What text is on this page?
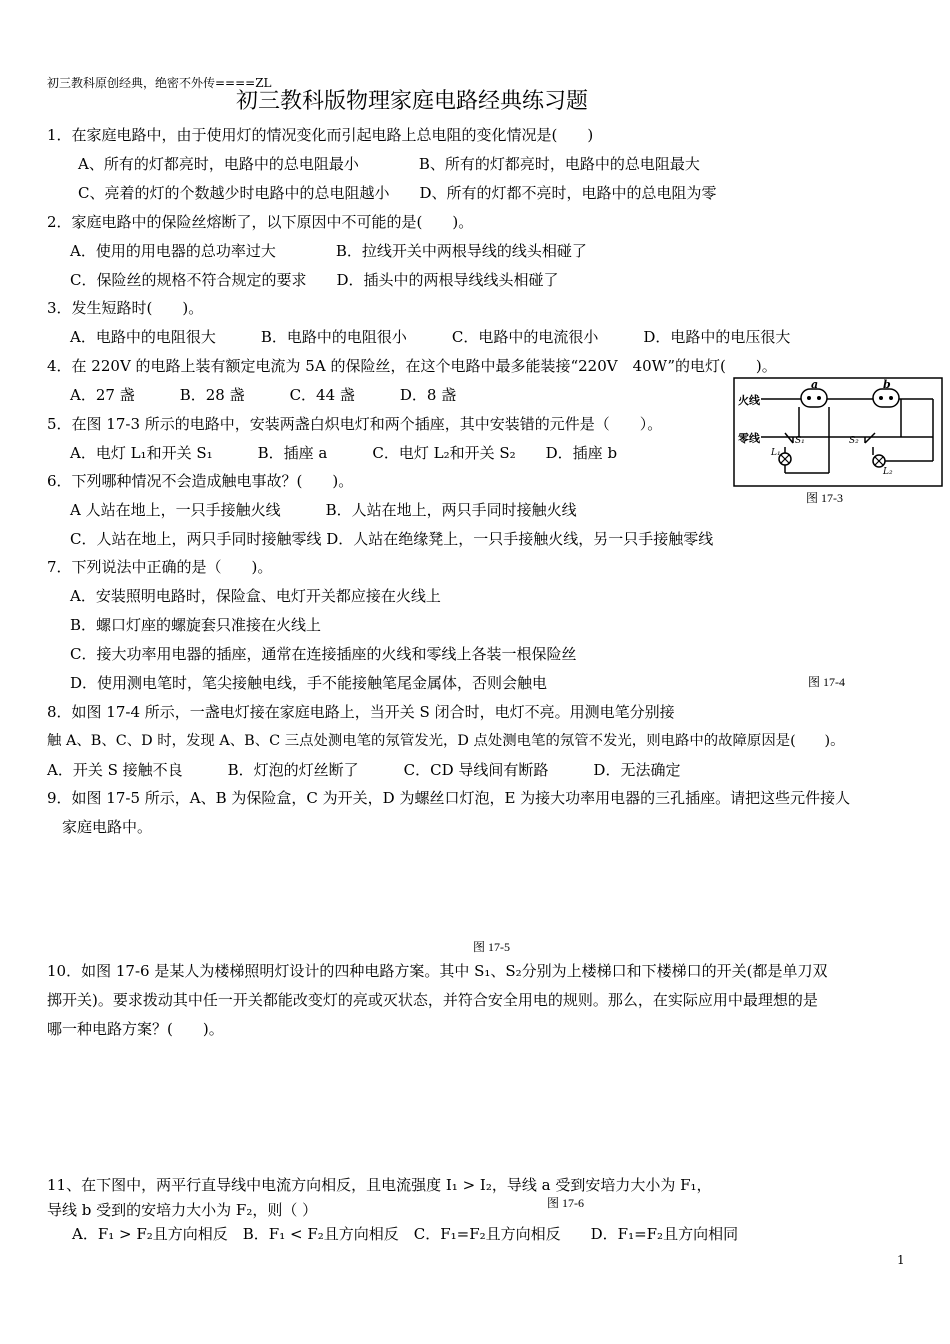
初三教科原创经典，绝密不外传====ZL
初三教科版物理家庭电路经典练习题
1．在家庭电路中，由于使用灯的情况变化而引起电路上总电阻的变化情况是(　　)
A、所有的灯都亮时，电路中的总电阻最小　　　　B、所有的灯都亮时，电路中的总电阻最大
C、亮着的灯的个数越少时电路中的总电阻越小　　D、所有的灯都不亮时，电路中的总电阻为零
2．家庭电路中的保险丝熔断了，以下原因中不可能的是(　　)。
A．使用的用电器的总功率过大　　　　B．拉线开关中两根导线的线头相碰了
C．保险丝的规格不符合规定的要求　　D．插头中的两根导线线头相碰了
3．发生短路时(　　)。
A．电路中的电阻很大　　　B．电路中的电阻很小　　　C．电路中的电流很小　　　D．电路中的电压很大
4．在 220V 的电路上装有额定电流为 5A 的保险丝，在这个电路中最多能装接“220V　40W”的电灯(　　)。
A．27 盏　　　B．28 盏　　　C．44 盏　　　D．8 盏
5．在图 17-3 所示的电路中，安装两盏白炽电灯和两个插座，其中安装错的元件是（　　）。
A．电灯 L₁和开关 S₁　　　B．插座 a　　　C．电灯 L₂和开关 S₂　　D．插座 b
6．下列哪种情况不会造成触电事故？(　　)。
A 人站在地上，一只手接触火线　　　B．人站在地上，两只手同时接触火线
C．人站在地上，两只手同时接触零线 D．人站在绝缘凳上，一只手接触火线，另一只手接触零线
7．下列说法中正确的是（　　)。
A．安装照明电路时，保险盒、电灯开关都应接在火线上
B．螺口灯座的螺旋套只准接在火线上
C．接大功率用电器的插座，通常在连接插座的火线和零线上各装一根保险丝
D．使用测电笔时，笔尖接触电线，手不能接触笔尾金属体，否则会触电
8．如图 17-4 所示，一盏电灯接在家庭电路上，当开关 S 闭合时，电灯不亮。用测电笔分别接
触 A、B、C、D 时，发现 A、B、C 三点处测电笔的氖管发光，D 点处测电笔的氖管不发光，则电路中的故障原因是(　　)。
A．开关 S 接触不良　　　B．灯泡的灯丝断了　　　C．CD 导线间有断路　　　D．无法确定
9．如图 17-5 所示，A、B 为保险盒，C 为开关，D 为螺丝口灯泡，E 为接大功率用电器的三孔插座。请把这些元件接人
家庭电路中。
10．如图 17-6 是某人为楼梯照明灯设计的四种电路方案。其中 S₁、S₂分别为上楼梯口和下楼梯口的开关(都是单刀双
掷开关)。要求拨动其中任一开关都能改变灯的亮或灭状态，并符合安全用电的规则。那么，在实际应用中最理想的是
哪一种电路方案？(　　)。
11、在下图中，两平行直导线中电流方向相反，且电流强度 I₁ > I₂，导线 a 受到安培力大小为 F₁，
导线 b 受到的安培力大小为 F₂，则（ ）
A．F₁ > F₂且方向相反　B．F₁ < F₂且方向相反　C．F₁=F₂且方向相反　　D．F₁=F₂且方向相同
图 17-3
图 17-4
图 17-5
图 17-6
火线
零线
a	b
S₁	S₂
L₁
L₂
1
